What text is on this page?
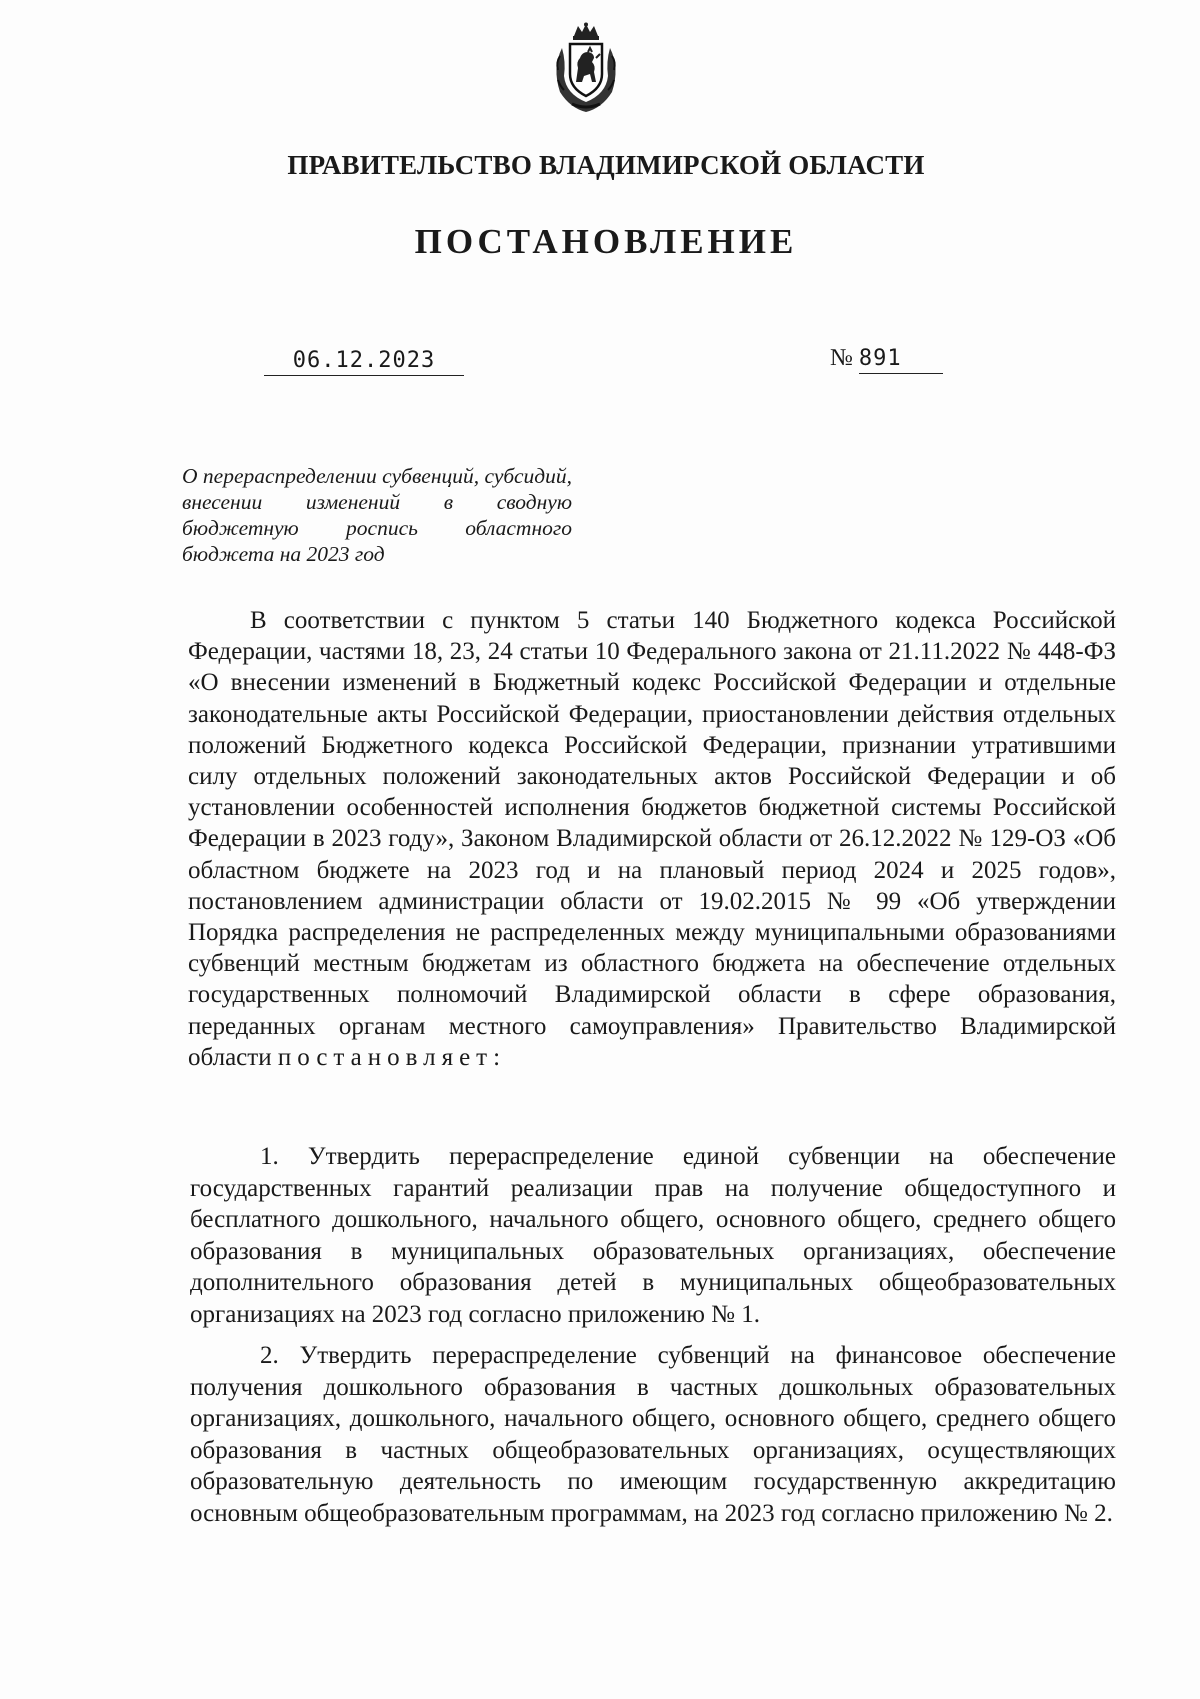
ПРАВИТЕЛЬСТВО ВЛАДИМИРСКОЙ ОБЛАСТИ
ПОСТАНОВЛЕНИЕ
06.12.2023	№ 891
О перераспределении субвенций, субсидий, внесении изменений в сводную бюджетную роспись областного бюджета на 2023 год

В соответствии с пунктом 5 статьи 140 Бюджетного кодекса Российской Федерации, частями 18, 23, 24 статьи 10 Федерального закона от 21.11.2022 № 448-ФЗ «О внесении изменений в Бюджетный кодекс Российской Федерации и отдельные законодательные акты Российской Федерации, приостановлении действия отдельных положений Бюджетного кодекса Российской Федерации, признании утратившими силу отдельных положений законодательных актов Российской Федерации и об установлении особенностей исполнения бюджетов бюджетной системы Российской Федерации в 2023 году», Законом Владимирской области от 26.12.2022 № 129-ОЗ «Об областном бюджете на 2023 год и на плановый период 2024 и 2025 годов», постановлением администрации области от 19.02.2015 № 99 «Об утверждении Порядка распределения не распределенных между муниципальными образованиями субвенций местным бюджетам из областного бюджета на обеспечение отдельных государственных полномочий Владимирской области в сфере образования, переданных органам местного самоуправления» Правительство Владимирской области постановляет:

1. Утвердить перераспределение единой субвенции на обеспечение государственных гарантий реализации прав на получение общедоступного и бесплатного дошкольного, начального общего, основного общего, среднего общего образования в муниципальных образовательных организациях, обеспечение дополнительного образования детей в муниципальных общеобразовательных организациях на 2023 год согласно приложению № 1.

2. Утвердить перераспределение субвенций на финансовое обеспечение получения дошкольного образования в частных дошкольных образовательных организациях, дошкольного, начального общего, основного общего, среднего общего образования в частных общеобразовательных организациях, осуществляющих образовательную деятельность по имеющим государственную аккредитацию основным общеобразовательным программам, на 2023 год согласно приложению № 2.
